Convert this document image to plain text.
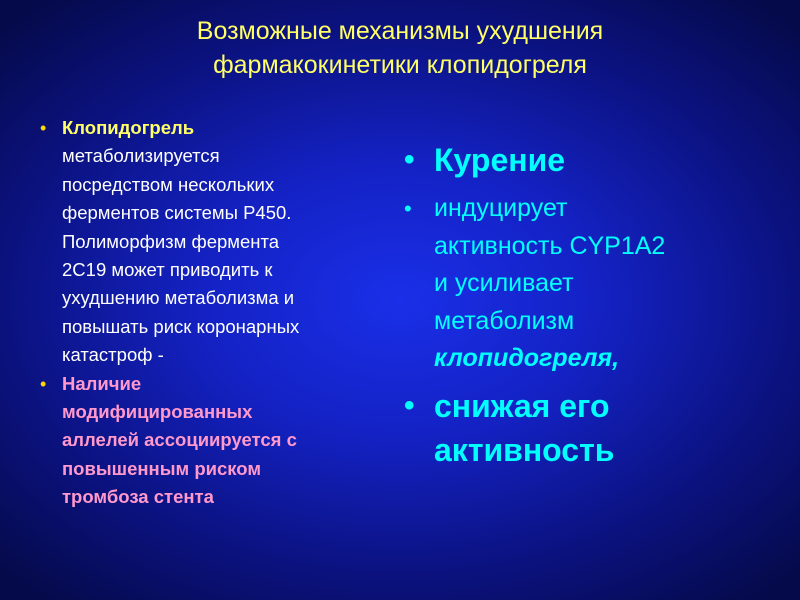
Возможные механизмы ухудшения
фармакокинетики клопидогреля
• Клопидогрель
метаболизируется
посредством нескольких
ферментов системы Р450.
Полиморфизм фермента
2С19 может приводить к
ухудшению метаболизма и
повышать риск коронарных
катастроф -
• Наличие
модифицированных
аллелей ассоциируется с
повышенным риском
тромбоза стента
• Курение
• индуцирует
активность CYP1A2
и усиливает
метаболизм
клопидогреля,
• снижая его
активность
